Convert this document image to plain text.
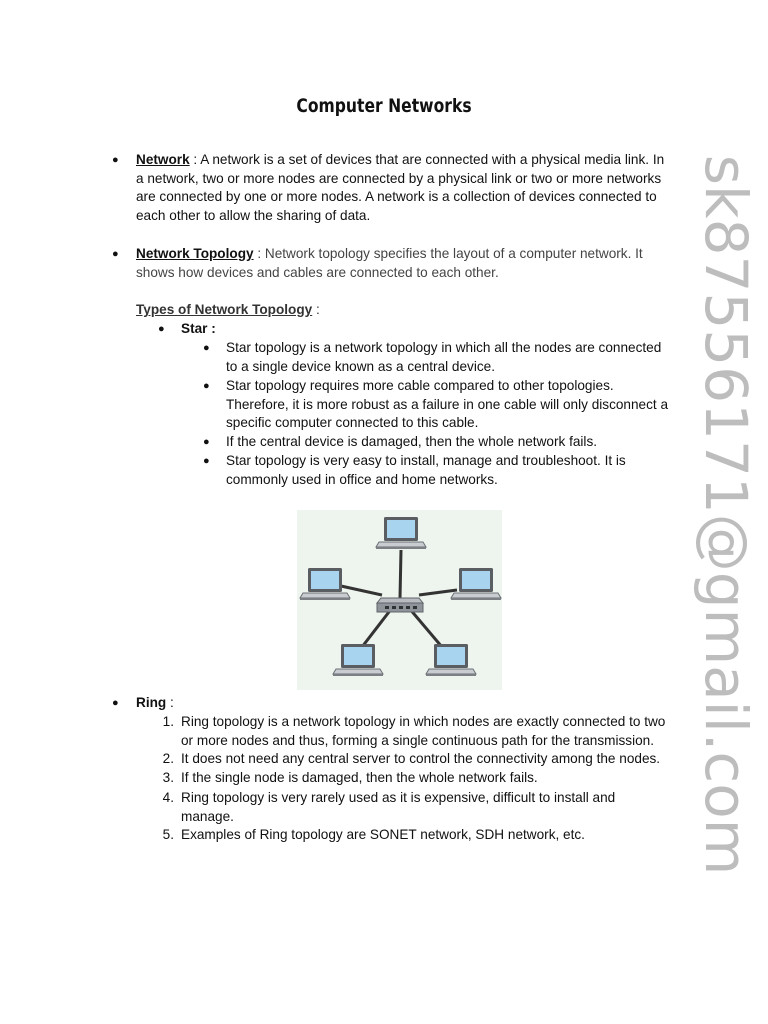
Computer Networks
● Network : A network is a set of devices that are connected with a physical media link. In
a network, two or more nodes are connected by a physical link or two or more networks
are connected by one or more nodes. A network is a collection of devices connected to
each other to allow the sharing of data.
● Network Topology : Network topology specifies the layout of a computer network. It
shows how devices and cables are connected to each other.
Types of Network Topology :
● Star :
● Star topology is a network topology in which all the nodes are connected
to a single device known as a central device.
● Star topology requires more cable compared to other topologies.
Therefore, it is more robust as a failure in one cable will only disconnect a
specific computer connected to this cable.
● If the central device is damaged, then the whole network fails.
● Star topology is very easy to install, manage and troubleshoot. It is
commonly used in office and home networks.
● Ring :
1. Ring topology is a network topology in which nodes are exactly connected to two
or more nodes and thus, forming a single continuous path for the transmission.
2. It does not need any central server to control the connectivity among the nodes.
3. If the single node is damaged, then the whole network fails.
4. Ring topology is very rarely used as it is expensive, difficult to install and
manage.
5. Examples of Ring topology are SONET network, SDH network, etc.	sk87556171@gmail.com
